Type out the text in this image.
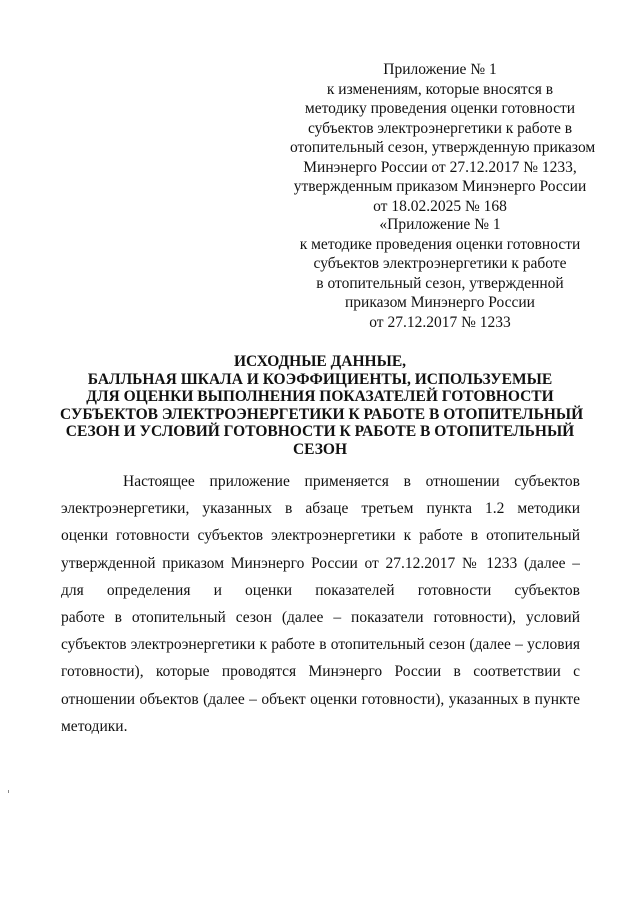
Приложение № 1
к изменениям, которые вносятся в
методику проведения оценки готовности
субъектов электроэнергетики к работе в
отопительный сезон, утвержденную приказом
Минэнерго России от 27.12.2017 № 1233,
утвержденным приказом Минэнерго России
от 18.02.2025 № 168
«Приложение № 1
к методике проведения оценки готовности
субъектов электроэнергетики к работе
в отопительный сезон, утвержденной
приказом Минэнерго России
от 27.12.2017 № 1233
ИСХОДНЫЕ ДАННЫЕ,
БАЛЛЬНАЯ ШКАЛА И КОЭФФИЦИЕНТЫ, ИСПОЛЬЗУЕМЫЕ
ДЛЯ ОЦЕНКИ ВЫПОЛНЕНИЯ ПОКАЗАТЕЛЕЙ ГОТОВНОСТИ
СУБЪЕКТОВ ЭЛЕКТРОЭНЕРГЕТИКИ К РАБОТЕ В ОТОПИТЕЛЬНЫЙ
СЕЗОН И УСЛОВИЙ ГОТОВНОСТИ К РАБОТЕ В ОТОПИТЕЛЬНЫЙ
СЕЗОН
Настоящее приложение применяется в отношении субъектов
электроэнергетики, указанных в абзаце третьем пункта 1.2 методики
оценки готовности субъектов электроэнергетики к работе в отопительный
утвержденной приказом Минэнерго России от 27.12.2017 № 1233 (далее –
для определения и оценки показателей готовности субъектов
работе в отопительный сезон (далее – показатели готовности), условий
субъектов электроэнергетики к работе в отопительный сезон (далее – условия
готовности), которые проводятся Минэнерго России в соответствии с
отношении объектов (далее – объект оценки готовности), указанных в пункте
методики.
